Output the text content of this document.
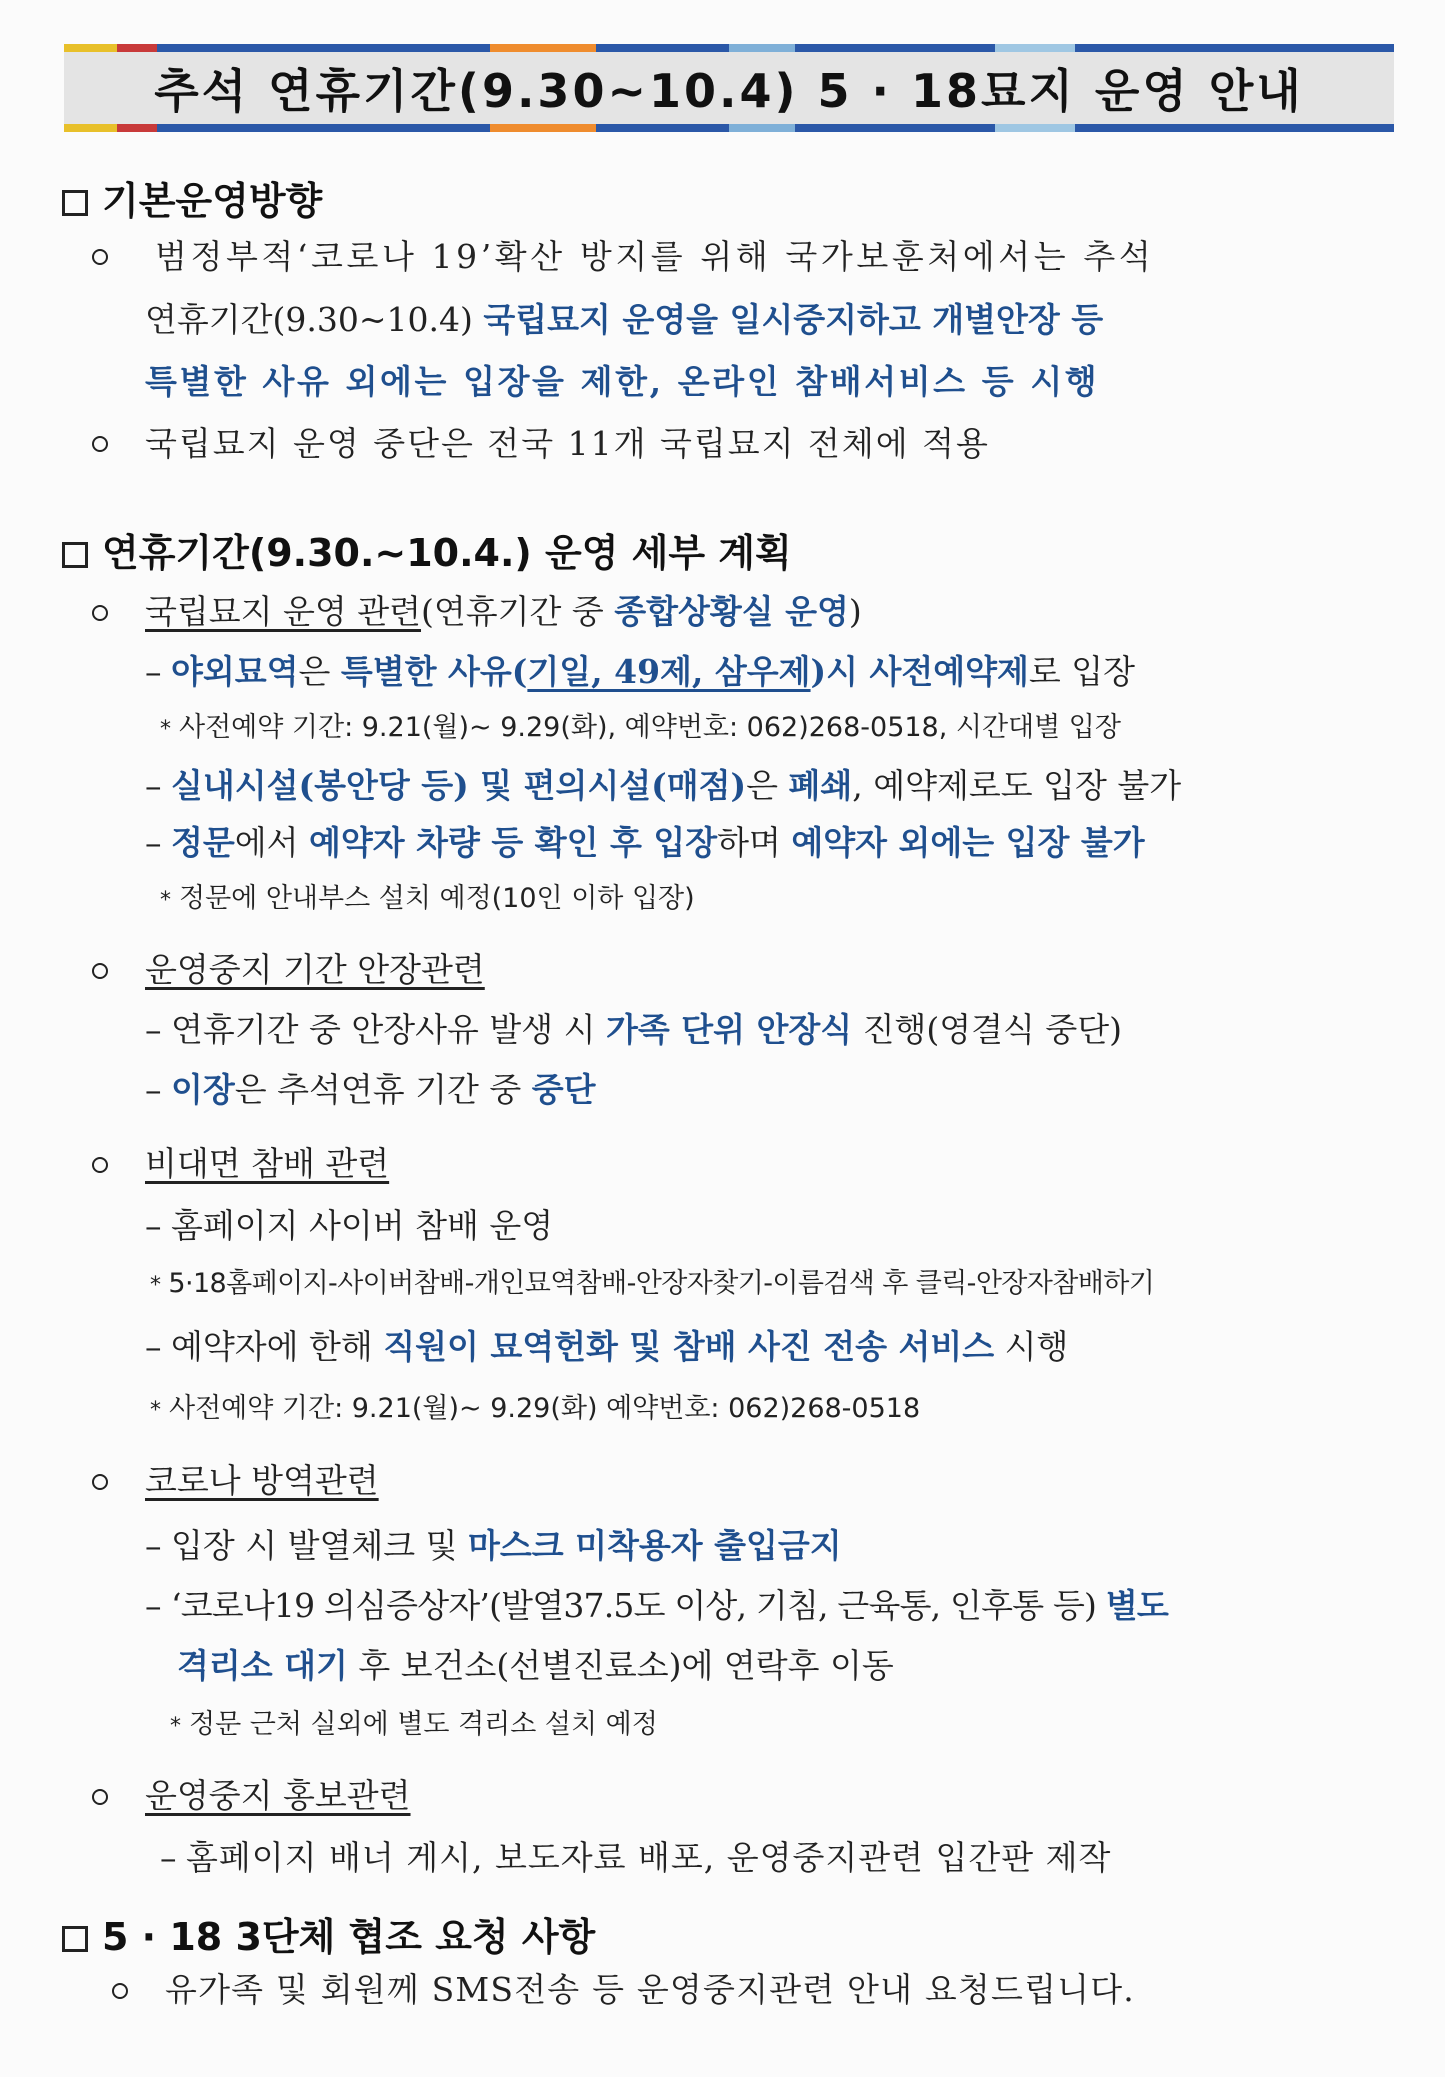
추석 연휴기간(9.30~10.4) 5 · 18묘지 운영 안내
기본운영방향
범정부적‘코로나 19’확산 방지를 위해 국가보훈처에서는 추석
연휴기간(9.30~10.4) 국립묘지 운영을 일시중지하고 개별안장 등
특별한 사유 외에는 입장을 제한, 온라인 참배서비스 등 시행
국립묘지 운영 중단은 전국 11개 국립묘지 전체에 적용
연휴기간(9.30.~10.4.) 운영 세부 계획
국립묘지 운영 관련(연휴기간 중 종합상황실 운영)
– 야외묘역은 특별한 사유(기일, 49제, 삼우제)시 사전예약제로 입장
* 사전예약 기간: 9.21(월)~ 9.29(화), 예약번호: 062)268-0518, 시간대별 입장
– 실내시설(봉안당 등) 및 편의시설(매점)은 폐쇄, 예약제로도 입장 불가
– 정문에서 예약자 차량 등 확인 후 입장하며 예약자 외에는 입장 불가
* 정문에 안내부스 설치 예정(10인 이하 입장)
운영중지 기간 안장관련
– 연휴기간 중 안장사유 발생 시 가족 단위 안장식 진행(영결식 중단)
– 이장은 추석연휴 기간 중 중단
비대면 참배 관련
– 홈페이지 사이버 참배 운영
* 5·18홈페이지-사이버참배-개인묘역참배-안장자찾기-이름검색 후 클릭-안장자참배하기
– 예약자에 한해 직원이 묘역헌화 및 참배 사진 전송 서비스 시행
* 사전예약 기간: 9.21(월)~ 9.29(화) 예약번호: 062)268-0518
코로나 방역관련
– 입장 시 발열체크 및 마스크 미착용자 출입금지
– ‘코로나19 의심증상자’(발열37.5도 이상, 기침, 근육통, 인후통 등) 별도
격리소 대기 후 보건소(선별진료소)에 연락후 이동
* 정문 근처 실외에 별도 격리소 설치 예정
운영중지 홍보관련
– 홈페이지 배너 게시, 보도자료 배포, 운영중지관련 입간판 제작
5 · 18 3단체 협조 요청 사항
유가족 및 회원께 SMS전송 등 운영중지관련 안내 요청드립니다.
